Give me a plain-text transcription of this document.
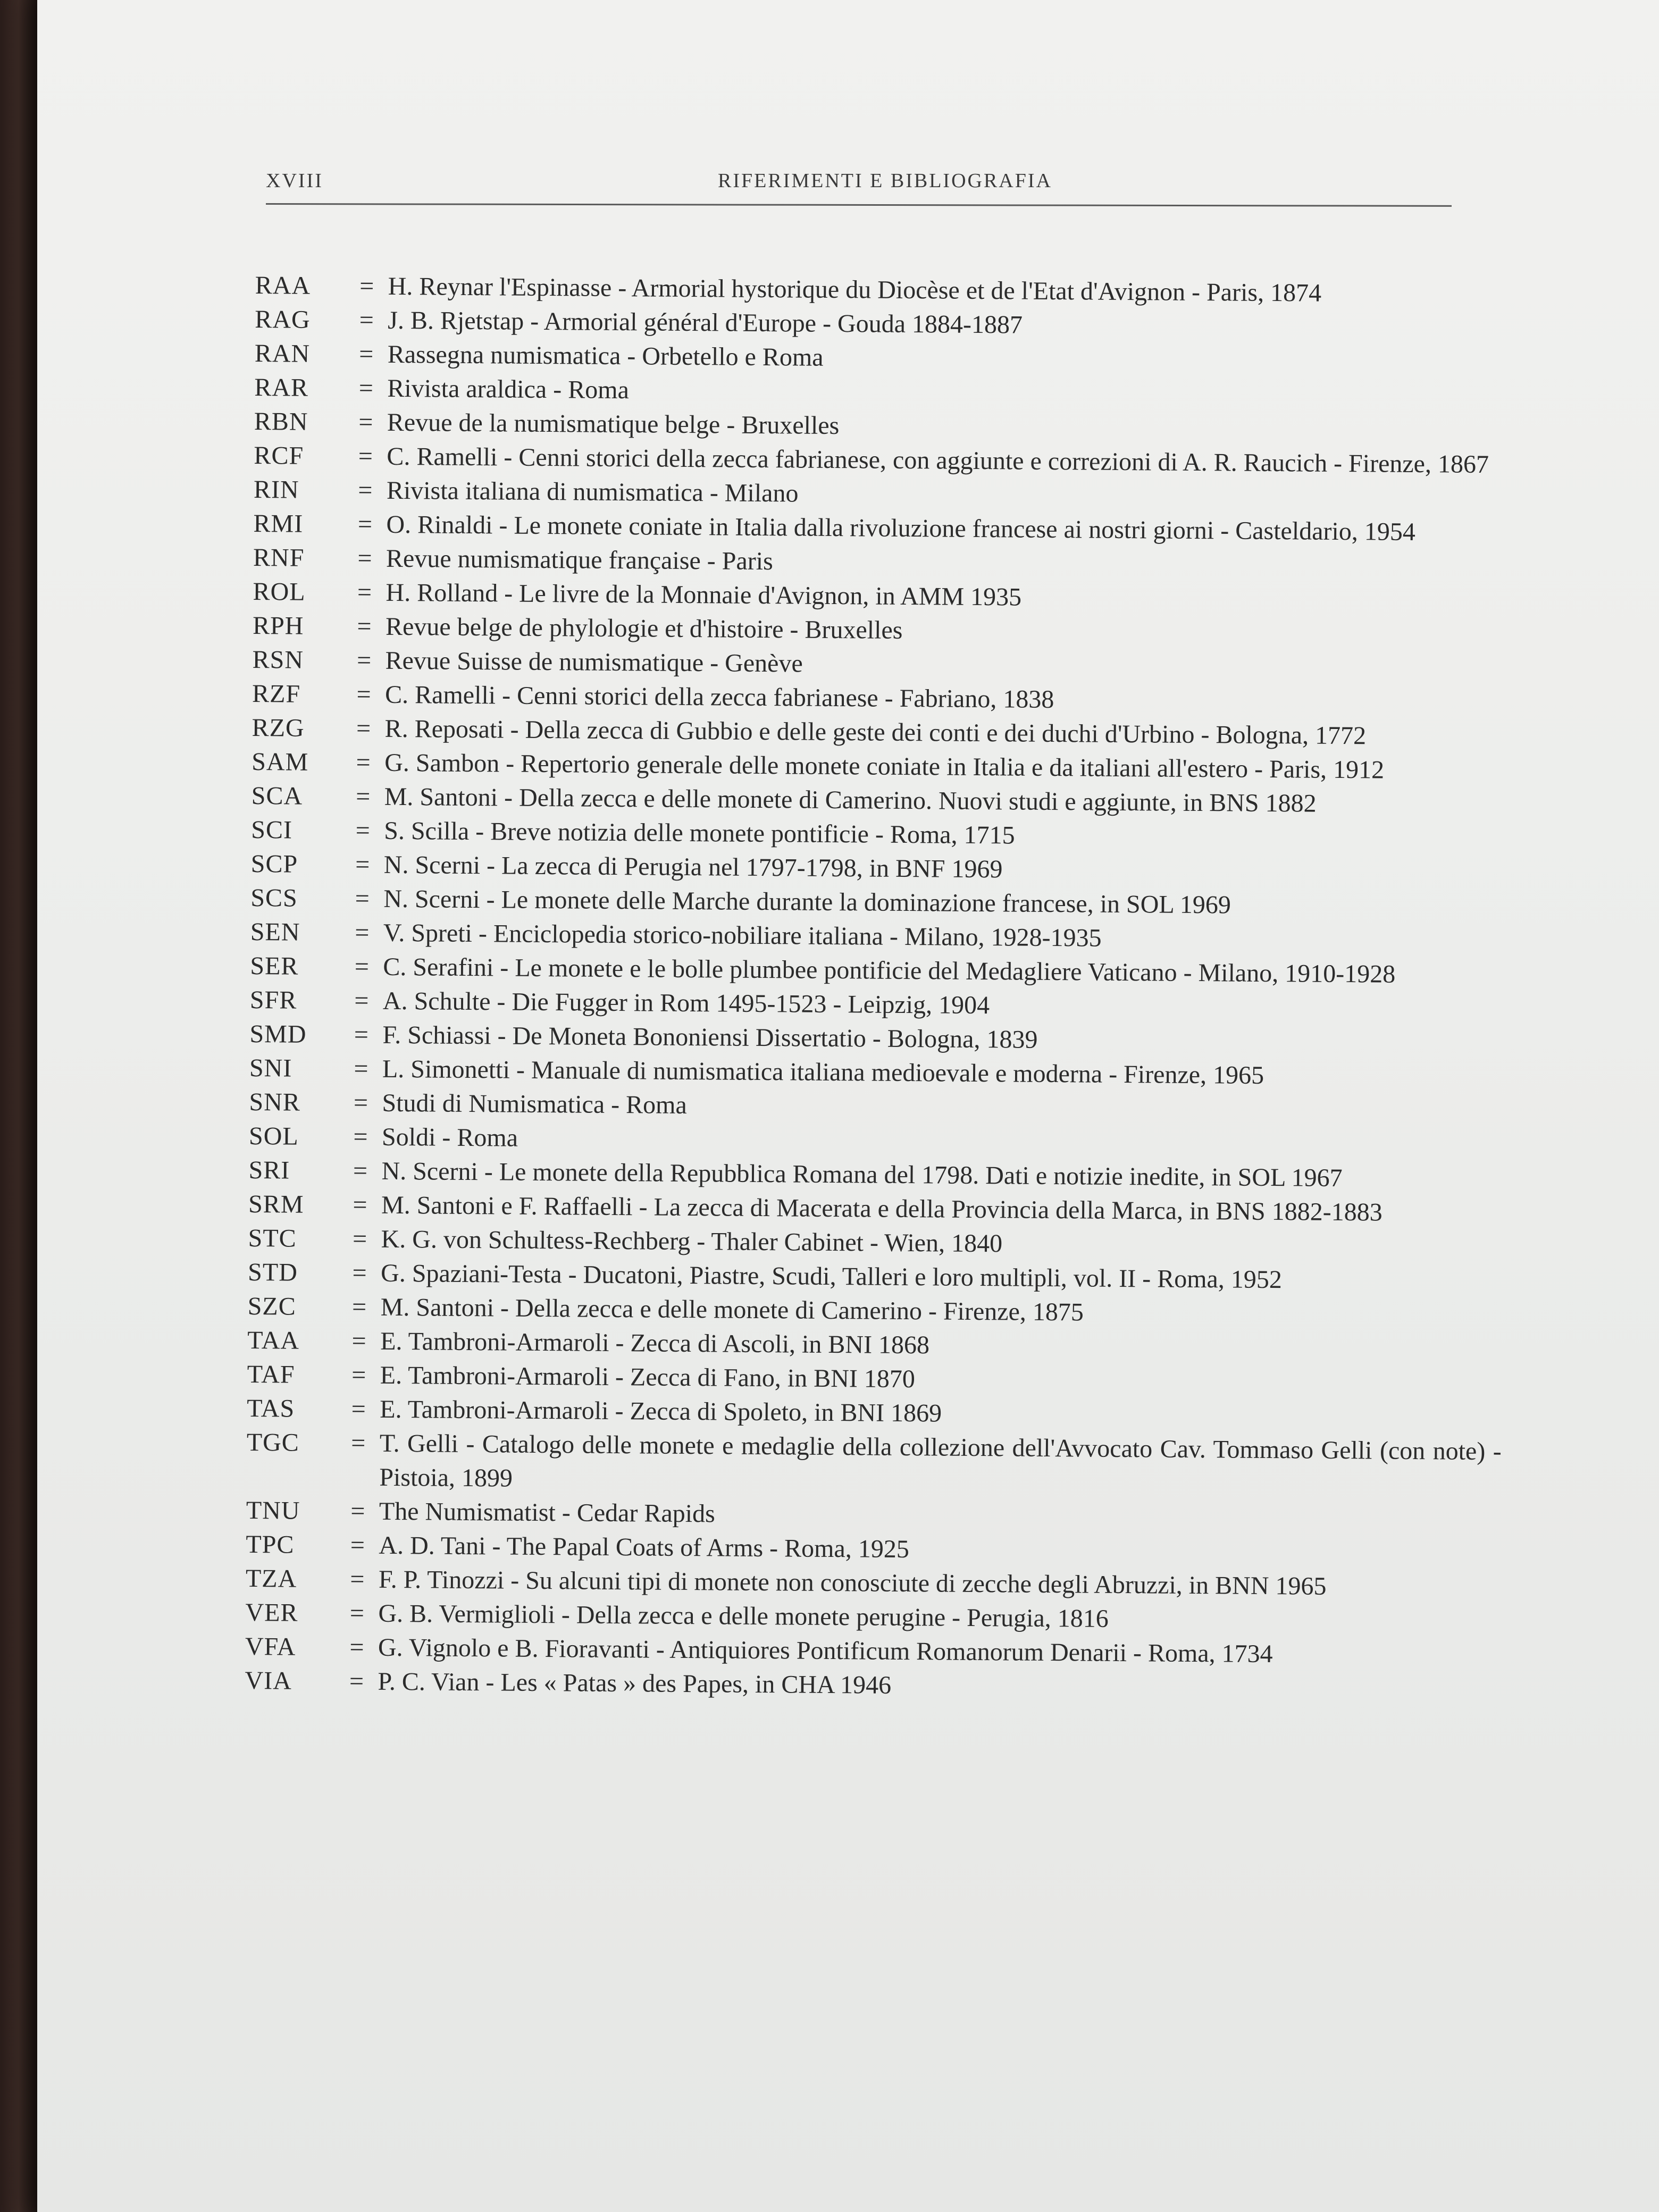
XVIII	RIFERIMENTI E BIBLIOGRAFIA
RAA	= H. Reynar l'Espinasse - Armorial hystorique du Diocèse et de l'Etat d'Avignon - Paris, 1874
RAG	= J. B. Rjetstap - Armorial général d'Europe - Gouda 1884-1887
RAN	= Rassegna numismatica - Orbetello e Roma
RAR	= Rivista araldica - Roma
RBN	= Revue de la numismatique belge - Bruxelles
RCF	= C. Ramelli - Cenni storici della zecca fabrianese, con aggiunte e correzioni di A. R. Raucich - Firenze, 1867
RIN	= Rivista italiana di numismatica - Milano
RMI	= O. Rinaldi - Le monete coniate in Italia dalla rivoluzione francese ai nostri giorni - Casteldario, 1954
RNF	= Revue numismatique française - Paris
ROL	= H. Rolland - Le livre de la Monnaie d'Avignon, in AMM 1935
RPH	= Revue belge de phylologie et d'histoire - Bruxelles
RSN	= Revue Suisse de numismatique - Genève
RZF	= C. Ramelli - Cenni storici della zecca fabrianese - Fabriano, 1838
RZG	= R. Reposati - Della zecca di Gubbio e delle geste dei conti e dei duchi d'Urbino - Bologna, 1772
SAM	= G. Sambon - Repertorio generale delle monete coniate in Italia e da italiani all'estero - Paris, 1912
SCA	= M. Santoni - Della zecca e delle monete di Camerino. Nuovi studi e aggiunte, in BNS 1882
SCI	= S. Scilla - Breve notizia delle monete pontificie - Roma, 1715
SCP	= N. Scerni - La zecca di Perugia nel 1797-1798, in BNF 1969
SCS	= N. Scerni - Le monete delle Marche durante la dominazione francese, in SOL 1969
SEN	= V. Spreti - Enciclopedia storico-nobiliare italiana - Milano, 1928-1935
SER	= C. Serafini - Le monete e le bolle plumbee pontificie del Medagliere Vaticano - Milano, 1910-1928
SFR	= A. Schulte - Die Fugger in Rom 1495-1523 - Leipzig, 1904
SMD	= F. Schiassi - De Moneta Bononiensi Dissertatio - Bologna, 1839
SNI	= L. Simonetti - Manuale di numismatica italiana medioevale e moderna - Firenze, 1965
SNR	= Studi di Numismatica - Roma
SOL	= Soldi - Roma
SRI	= N. Scerni - Le monete della Repubblica Romana del 1798. Dati e notizie inedite, in SOL 1967
SRM	= M. Santoni e F. Raffaelli - La zecca di Macerata e della Provincia della Marca, in BNS 1882-1883
STC	= K. G. von Schultess-Rechberg - Thaler Cabinet - Wien, 1840
STD	= G. Spaziani-Testa - Ducatoni, Piastre, Scudi, Talleri e loro multipli, vol. II - Roma, 1952
SZC	= M. Santoni - Della zecca e delle monete di Camerino - Firenze, 1875
TAA	= E. Tambroni-Armaroli - Zecca di Ascoli, in BNI 1868
TAF	= E. Tambroni-Armaroli - Zecca di Fano, in BNI 1870
TAS	= E. Tambroni-Armaroli - Zecca di Spoleto, in BNI 1869
TGC	= T. Gelli - Catalogo delle monete e medaglie della collezione dell'Avvocato Cav. Tommaso Gelli (con note) - Pistoia, 1899
TNU	= The Numismatist - Cedar Rapids
TPC	= A. D. Tani - The Papal Coats of Arms - Roma, 1925
TZA	= F. P. Tinozzi - Su alcuni tipi di monete non conosciute di zecche degli Abruzzi, in BNN 1965
VER	= G. B. Vermiglioli - Della zecca e delle monete perugine - Perugia, 1816
VFA	= G. Vignolo e B. Fioravanti - Antiquiores Pontificum Romanorum Denarii - Roma, 1734
VIA	= P. C. Vian - Les « Patas » des Papes, in CHA 1946
